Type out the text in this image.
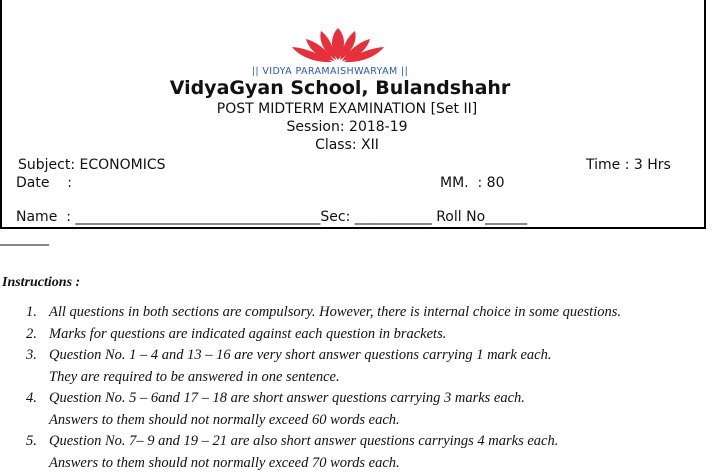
|| VIDYA PARAMAISHWARYAM ||
VidyaGyan School, Bulandshahr
POST MIDTERM EXAMINATION [Set II]
Session: 2018-19
Class: XII
Subject: ECONOMICS	Time : 3 Hrs
Date    :	MM.  : 80
Name  : ___________________________________Sec: ___________ Roll No______
_______
Instructions :
1. All questions in both sections are compulsory. However, there is internal choice in some questions.
2. Marks for questions are indicated against each question in brackets.
3. Question No. 1 – 4 and 13 – 16 are very short answer questions carrying 1 mark each.
They are required to be answered in one sentence.
4. Question No. 5 – 6and 17 – 18 are short answer questions carrying 3 marks each.
Answers to them should not normally exceed 60 words each.
5. Question No. 7– 9 and 19 – 21 are also short answer questions carryings 4 marks each.
Answers to them should not normally exceed 70 words each.
